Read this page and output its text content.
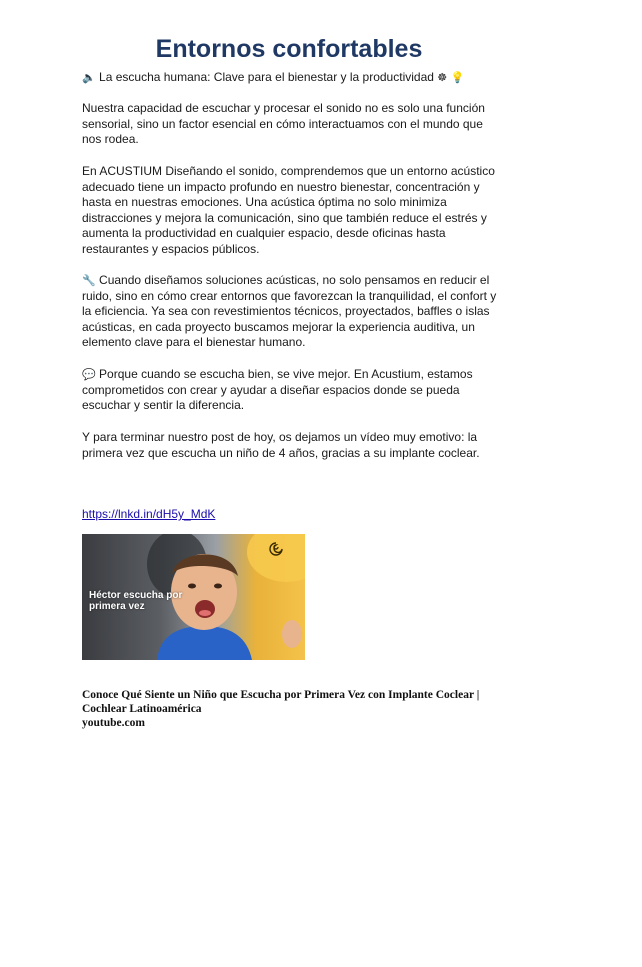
Entornos confortables
🔈 La escucha humana: Clave para el bienestar y la productividad ☸ 💡

Nuestra capacidad de escuchar y procesar el sonido no es solo una función sensorial, sino un factor esencial en cómo interactuamos con el mundo que nos rodea.

En ACUSTIUM Diseñando el sonido, comprendemos que un entorno acústico adecuado tiene un impacto profundo en nuestro bienestar, concentración y hasta en nuestras emociones. Una acústica óptima no solo minimiza distracciones y mejora la comunicación, sino que también reduce el estrés y aumenta la productividad en cualquier espacio, desde oficinas hasta restaurantes y espacios públicos.

🔧 Cuando diseñamos soluciones acústicas, no solo pensamos en reducir el ruido, sino en cómo crear entornos que favorezcan la tranquilidad, el confort y la eficiencia. Ya sea con revestimientos técnicos, proyectados, baffles o islas acústicas, en cada proyecto buscamos mejorar la experiencia auditiva, un elemento clave para el bienestar humano.

💬 Porque cuando se escucha bien, se vive mejor. En Acustium, estamos comprometidos con crear y ayudar a diseñar espacios donde se pueda escuchar y sentir la diferencia.

Y para terminar nuestro post de hoy, os dejamos un vídeo muy emotivo: la primera vez que escucha un niño de 4 años, gracias a su implante coclear.

https://lnkd.in/dH5y_MdK
Héctor escucha por primera vez
Conoce Qué Siente un Niño que Escucha por Primera Vez con Implante Coclear | Cochlear Latinoamérica
youtube.com
